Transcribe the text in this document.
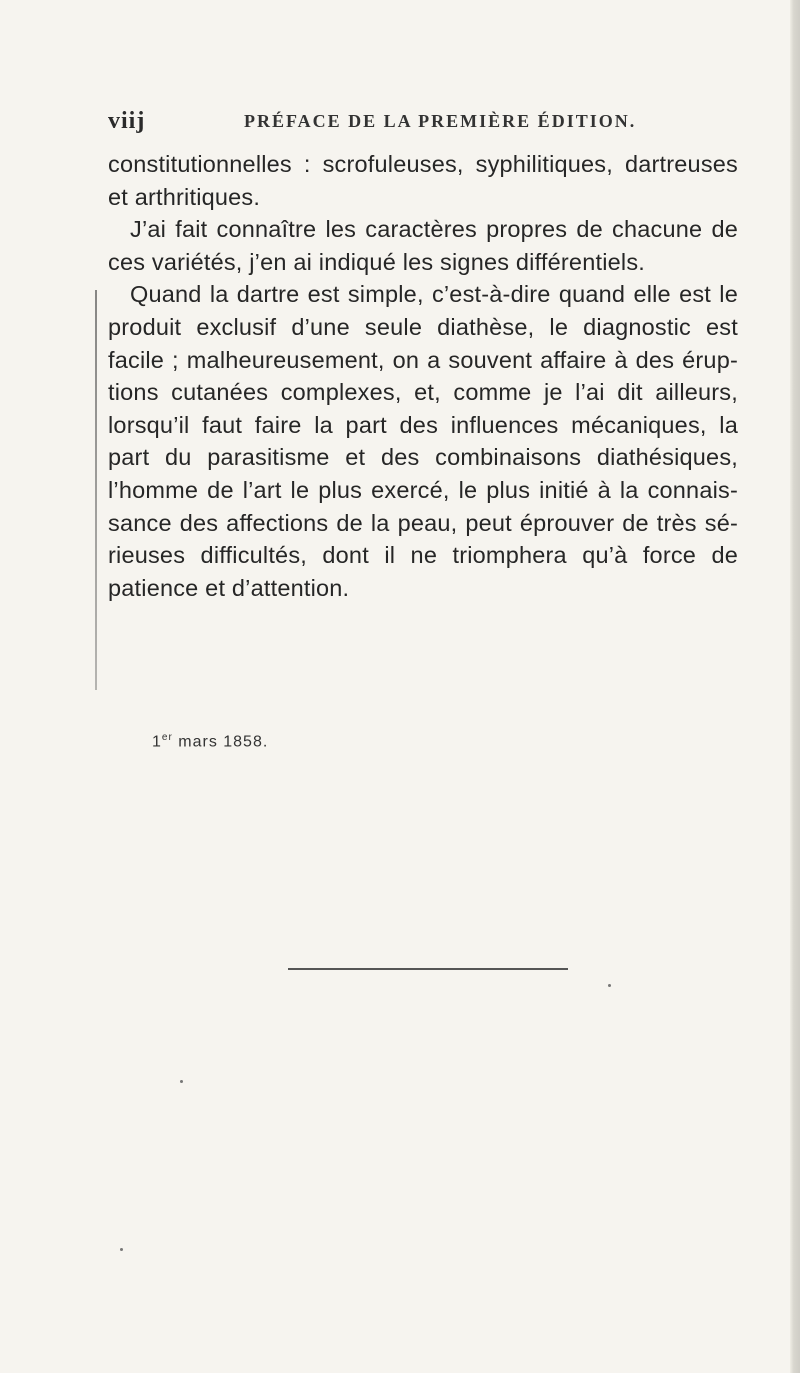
viij	PRÉFACE DE LA PREMIÈRE ÉDITION.

constitutionnelles : scrofuleuses, syphilitiques, dartreuses et arthritiques.

J’ai fait connaître les caractères propres de chacune de ces variétés, j’en ai indiqué les signes différentiels.

Quand la dartre est simple, c’est-à-dire quand elle est le produit exclusif d’une seule diathèse, le diagnostic est facile ; malheureusement, on a souvent affaire à des érup-tions cutanées complexes, et, comme je l’ai dit ailleurs, lorsqu’il faut faire la part des influences mécaniques, la part du parasitisme et des combinaisons diathésiques, l’homme de l’art le plus exercé, le plus initié à la connais-sance des affections de la peau, peut éprouver de très sé-rieuses difficultés, dont il ne triomphera qu’à force de patience et d’attention.

1er mars 1858.
